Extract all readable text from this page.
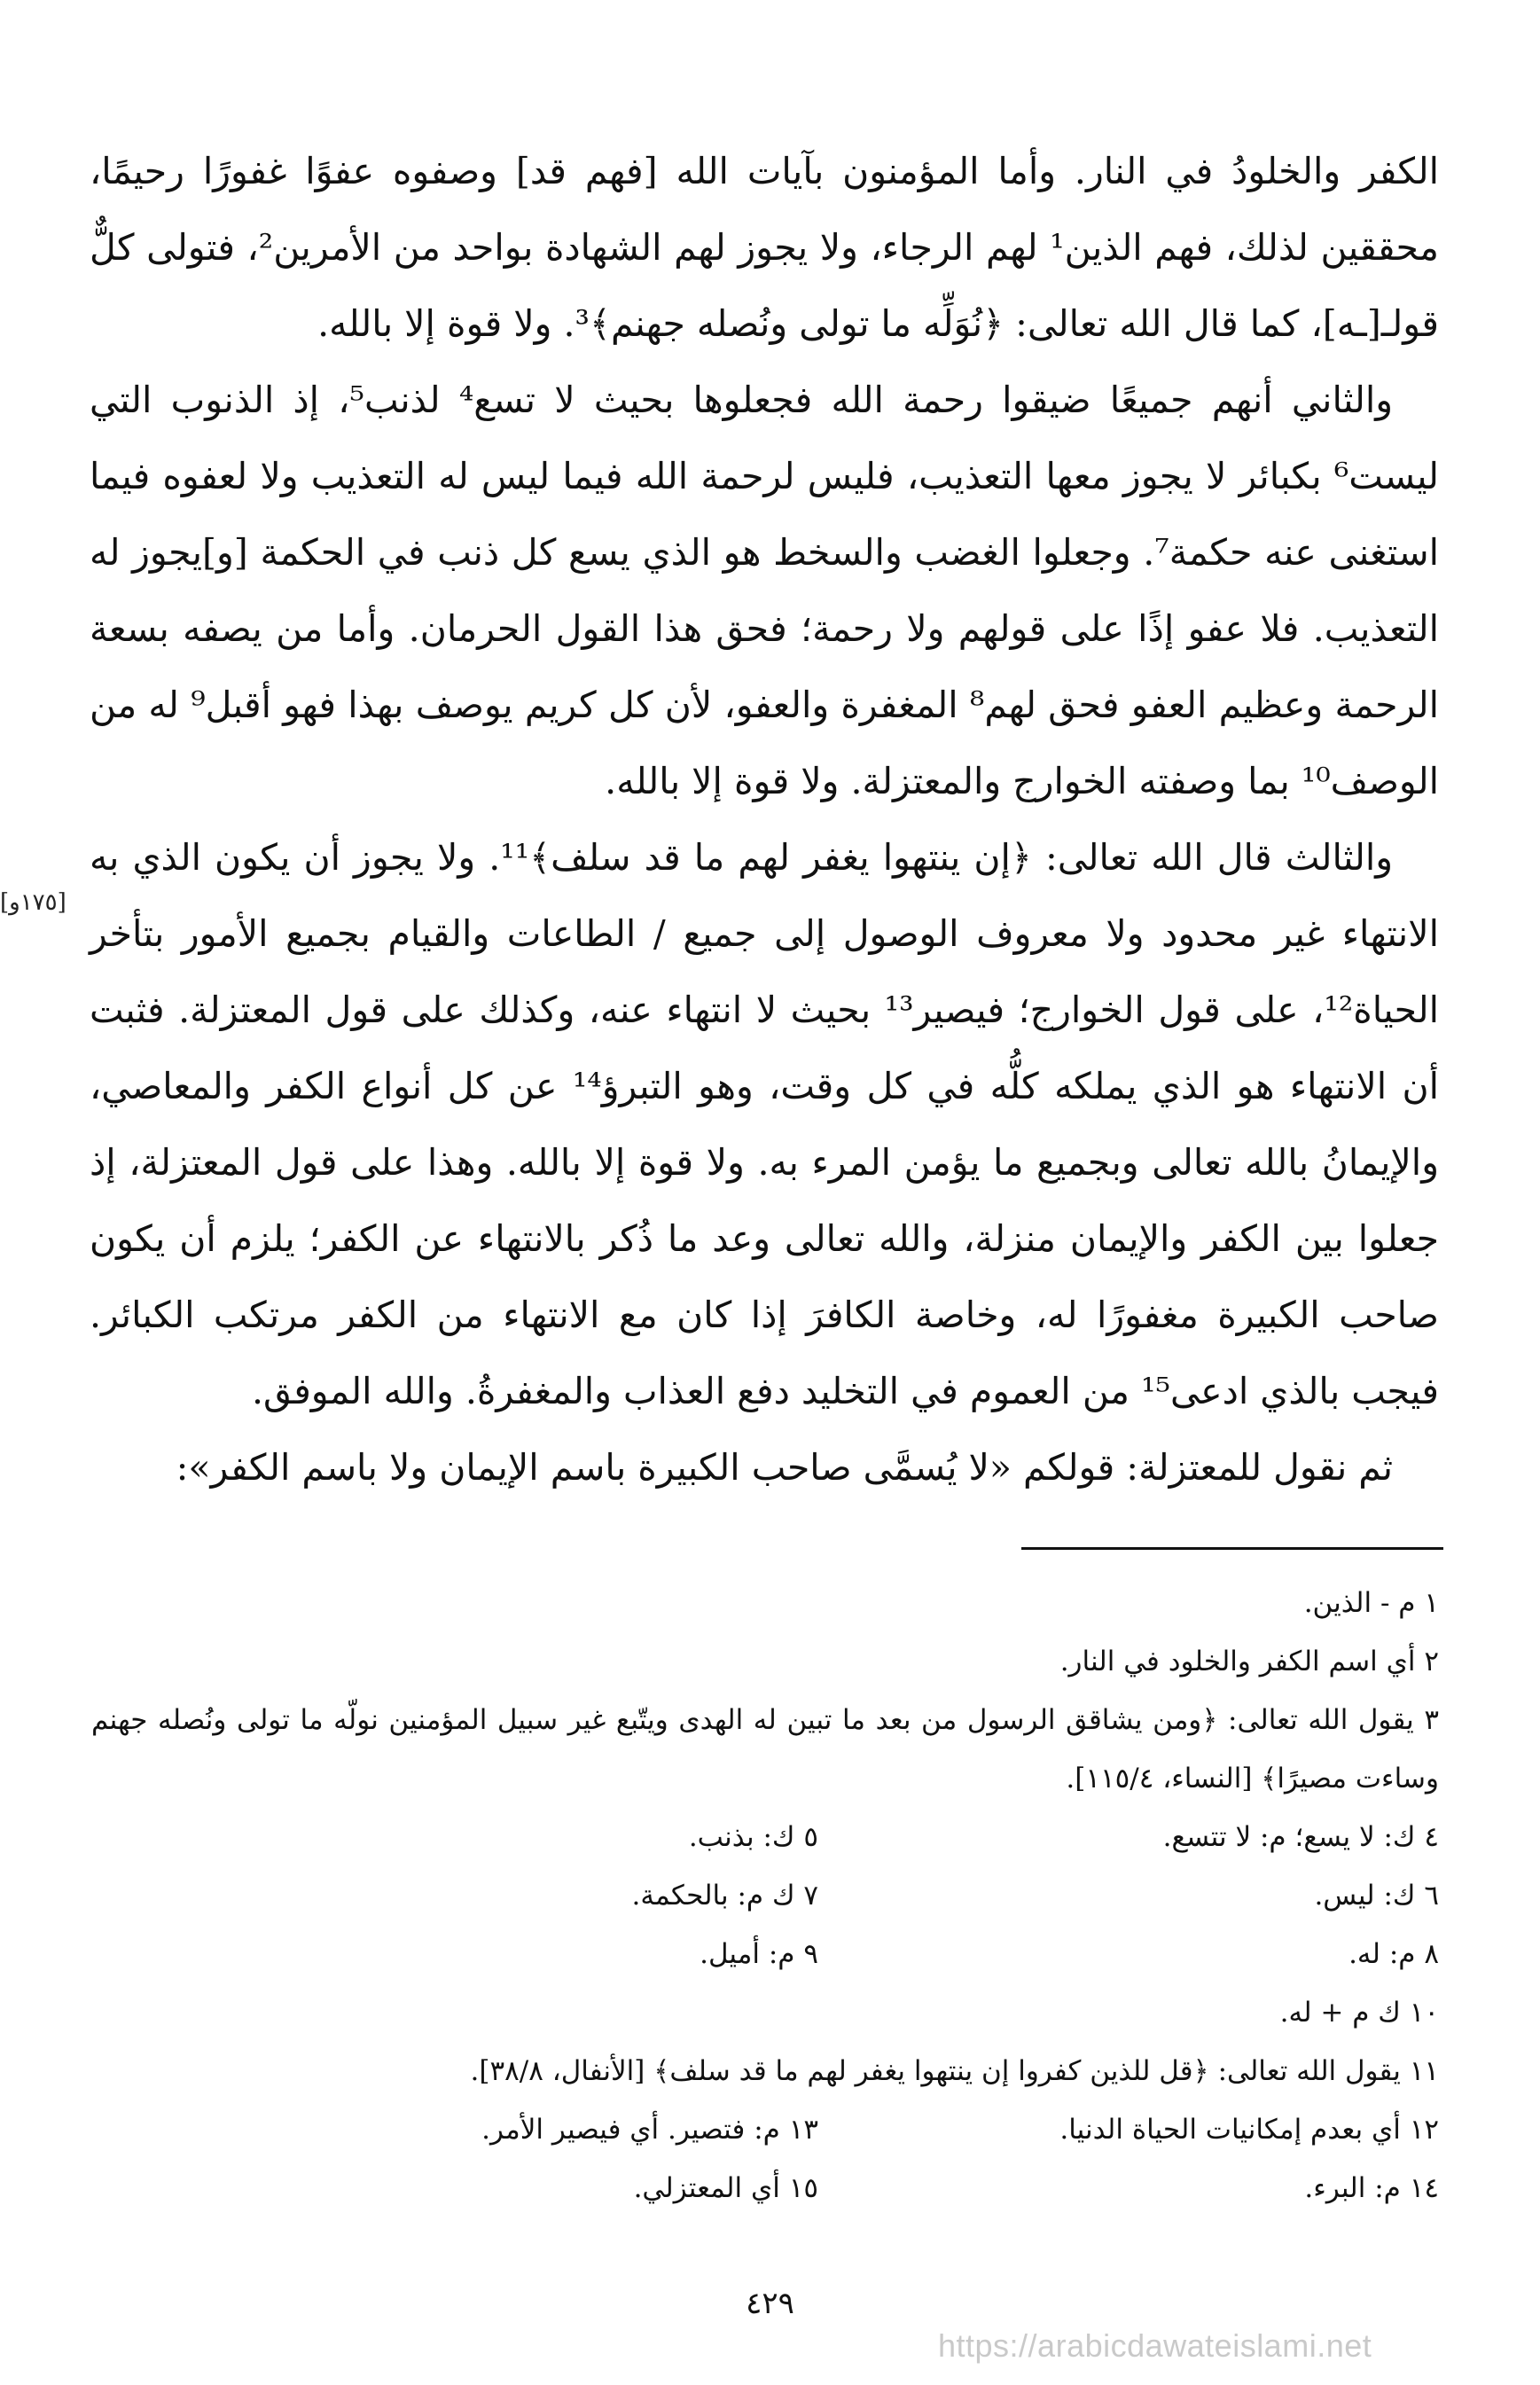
الكفر والخلودُ في النار. وأما المؤمنون بآيات الله [فهم قد] وصفوه عفوًا غفورًا رحيمًا، محققين لذلك، فهم الذين¹ لهم الرجاء، ولا يجوز لهم الشهادة بواحد من الأمرين²، فتولى كلٌّ قولـ[ـه]، كما قال الله تعالى: ﴿نُوَلِّه ما تولى ونُصله جهنم﴾³. ولا قوة إلا بالله.

والثاني أنهم جميعًا ضيقوا رحمة الله فجعلوها بحيث لا تسع⁴ لذنب⁵، إذ الذنوب التي ليست⁶ بكبائر لا يجوز معها التعذيب، فليس لرحمة الله فيما ليس له التعذيب ولا لعفوه فيما استغنى عنه حكمة⁷. وجعلوا الغضب والسخط هو الذي يسع كل ذنب في الحكمة [و]يجوز له التعذيب. فلا عفو إذًا على قولهم ولا رحمة؛ فحق هذا القول الحرمان. وأما من يصفه بسعة الرحمة وعظيم العفو فحق لهم⁸ المغفرة والعفو، لأن كل كريم يوصف بهذا فهو أقبل⁹ له من الوصف¹⁰ بما وصفته الخوارج والمعتزلة. ولا قوة إلا بالله.

والثالث قال الله تعالى: ﴿إن ينتهوا يغفر لهم ما قد سلف﴾¹¹. ولا يجوز أن يكون الذي به الانتهاء غير محدود ولا معروف الوصول إلى جميع / الطاعات والقيام بجميع الأمور بتأخر الحياة¹²، على قول الخوارج؛ فيصير¹³ بحيث لا انتهاء عنه، وكذلك على قول المعتزلة. فثبت أن الانتهاء هو الذي يملكه كلُّه في كل وقت، وهو التبرؤ¹⁴ عن كل أنواع الكفر والمعاصي، والإيمانُ بالله تعالى وبجميع ما يؤمن المرء به. ولا قوة إلا بالله. وهذا على قول المعتزلة، إذ جعلوا بين الكفر والإيمان منزلة، والله تعالى وعد ما ذُكر بالانتهاء عن الكفر؛ يلزم أن يكون صاحب الكبيرة مغفورًا له، وخاصة الكافرَ إذا كان مع الانتهاء من الكفر مرتكب الكبائر. فيجب بالذي ادعى¹⁵ من العموم في التخليد دفع العذاب والمغفرةُ. والله الموفق.

ثم نقول للمعتزلة: قولكم «لا يُسمَّى صاحب الكبيرة باسم الإيمان ولا باسم الكفر»:

[١٧٥و]

١ م - الذين.

٢ أي اسم الكفر والخلود في النار.

٣ يقول الله تعالى: ﴿ومن يشاقق الرسول من بعد ما تبين له الهدى ويتّبع غير سبيل المؤمنين نولّه ما تولى ونُصله جهنم وساءت مصيرًا﴾ [النساء، ١١٥/٤].

٤ ك: لا يسع؛ م: لا تتسع.
٥ ك: بذنب.
٦ ك: ليس.
٧ ك م: بالحكمة.
٨ م: له.
٩ م: أميل.

١٠ ك م + له.

١١ يقول الله تعالى: ﴿قل للذين كفروا إن ينتهوا يغفر لهم ما قد سلف﴾ [الأنفال، ٣٨/٨].

١٢ أي بعدم إمكانيات الحياة الدنيا.
١٣ م: فتصير. أي فيصير الأمر.
١٤ م: البرء.
١٥ أي المعتزلي.
٤٢٩
https://arabicdawateislami.net
